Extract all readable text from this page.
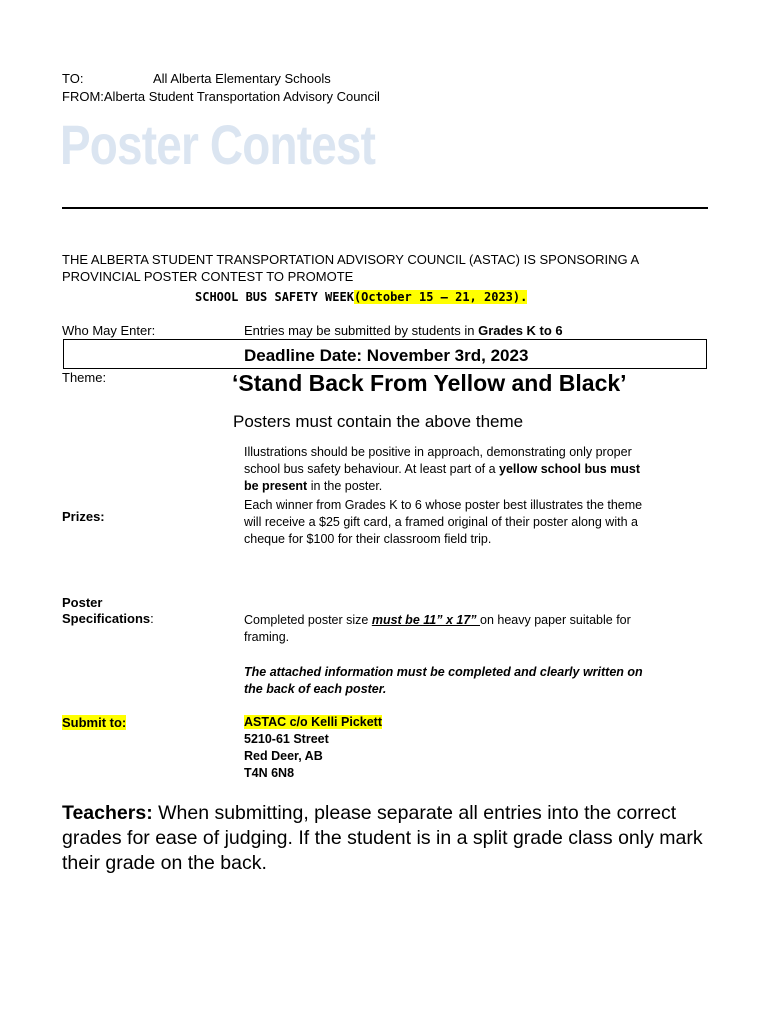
TO:	All Alberta Elementary Schools
FROM:Alberta Student Transportation Advisory Council
Poster Contest
THE ALBERTA STUDENT TRANSPORTATION ADVISORY COUNCIL (ASTAC) IS SPONSORING A
PROVINCIAL POSTER CONTEST TO PROMOTE
SCHOOL BUS SAFETY WEEK(October 15 – 21, 2023).
Who May Enter:	Entries may be submitted by students in Grades K to 6
Deadline Date: November 3rd, 2023
Theme:	‘Stand Back From Yellow and Black’
Posters must contain the above theme
Illustrations should be positive in approach, demonstrating only proper
school bus safety behaviour. At least part of a yellow school bus must
be present in the poster.
Prizes:
Each winner from Grades K to 6 whose poster best illustrates the theme
will receive a $25 gift card, a framed original of their poster along with a
cheque for $100 for their classroom field trip.
Poster
Specifications:	Completed poster size must be 11” x 17” on heavy paper suitable for
framing.
The attached information must be completed and clearly written on
the back of each poster.
Submit to:	ASTAC c/o Kelli Pickett
5210-61 Street
Red Deer, AB
T4N 6N8
Teachers: When submitting, please separate all entries into the correct grades for ease of judging. If the student is in a split grade class only mark their grade on the back.
